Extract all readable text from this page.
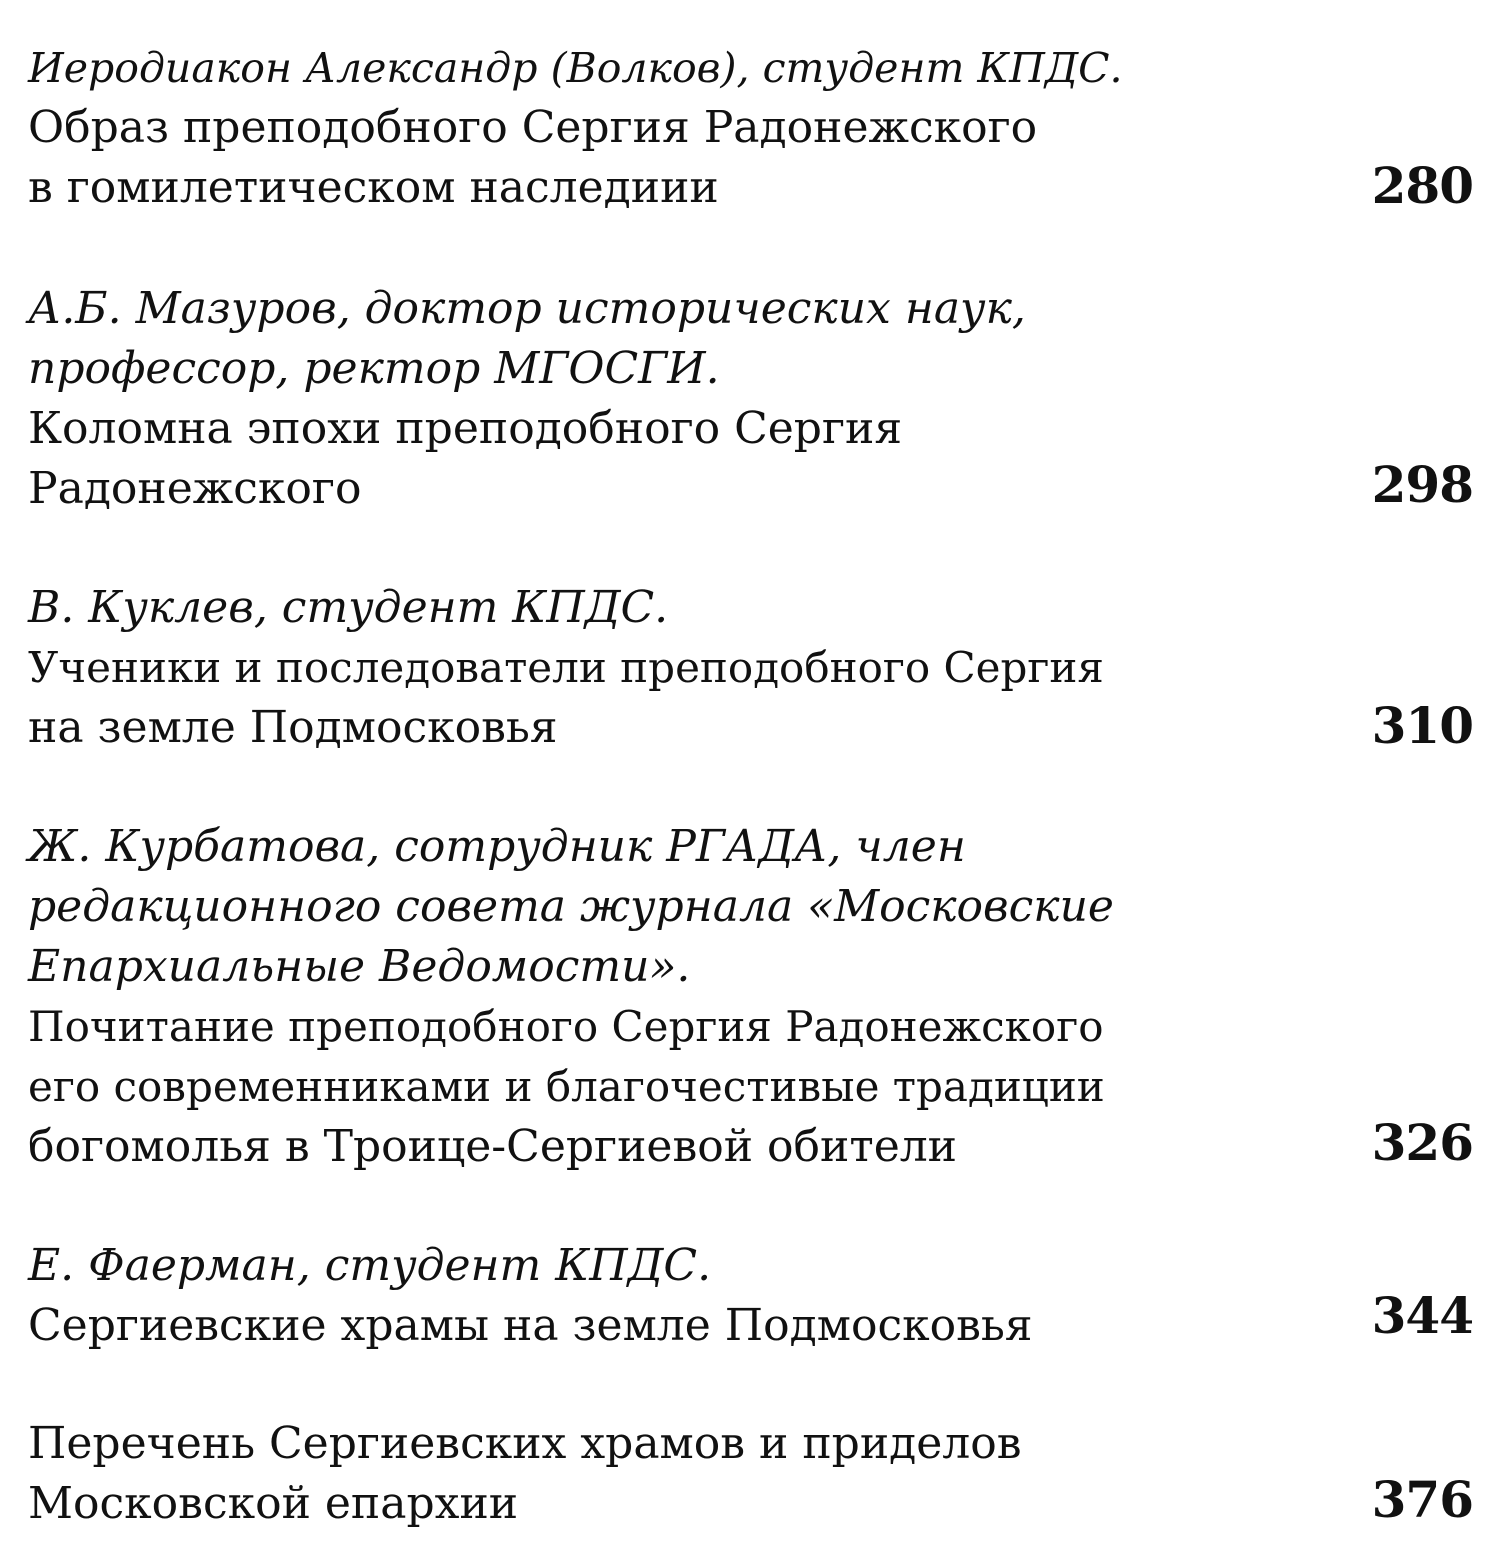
Иеродиакон Александр (Волков), студент КПДС.
Образ преподобного Сергия Радонежского
в гомилетическом наследиии	280
А.Б. Мазуров, доктор исторических наук,
профессор, ректор МГОСГИ.
Коломна эпохи преподобного Сергия
Радонежского	298
В. Куклев, студент КПДС.
Ученики и последователи преподобного Сергия
на земле Подмосковья	310
Ж. Курбатова, сотрудник РГАДА, член
редакционного совета журнала «Московские
Епархиальные Ведомости».
Почитание преподобного Сергия Радонежского
его современниками и благочестивые традиции
богомолья в Троице-Сергиевой обители	326
Е. Фаерман, студент КПДС.
Сергиевские храмы на земле Подмосковья	344
Перечень Сергиевских храмов и приделов
Московской епархии	376
